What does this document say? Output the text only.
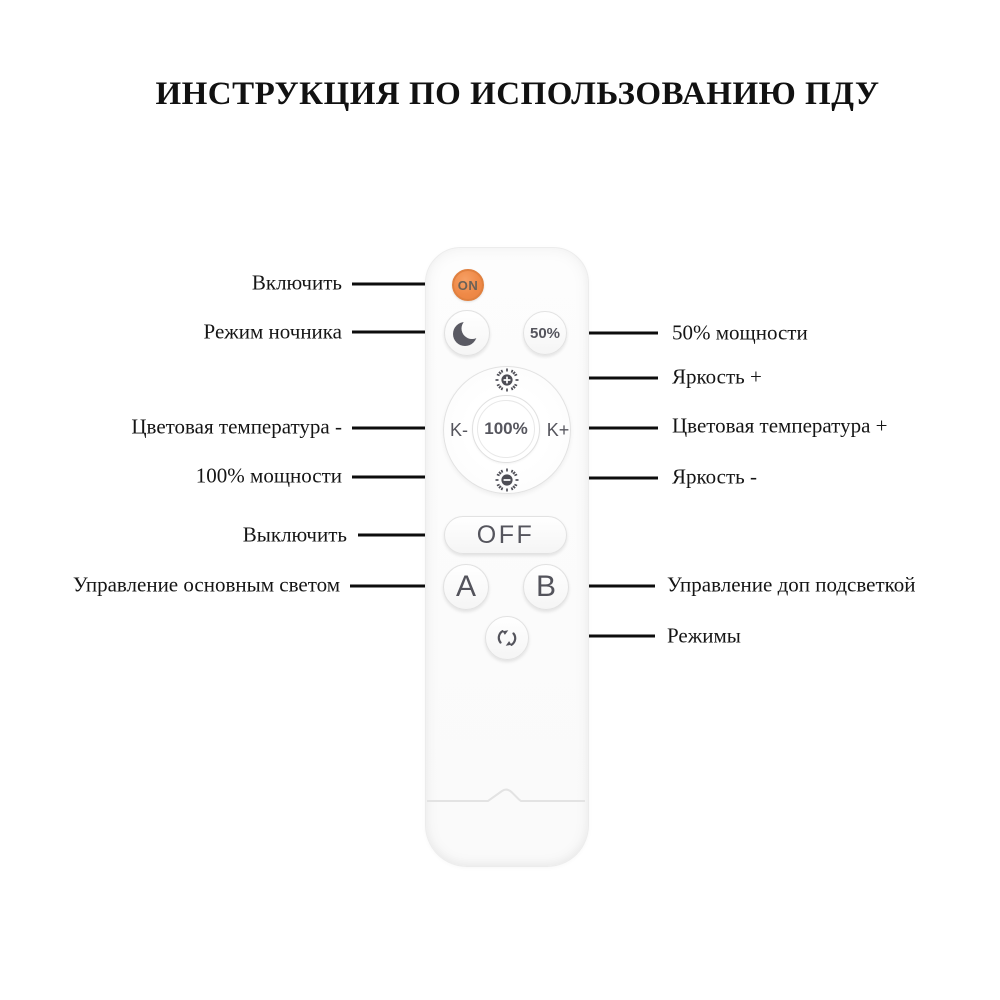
ИНСТРУКЦИЯ ПО ИСПОЛЬЗОВАНИЮ ПДУ
Включить
Режим ночника
Цветовая температура -
100% мощности
Выключить
Управление основным светом
50% мощности
Яркость +
Цветовая температура +
Яркость -
Управление доп подсветкой
Режимы
ON
50%
K- 100%	K+
OFF
A B
